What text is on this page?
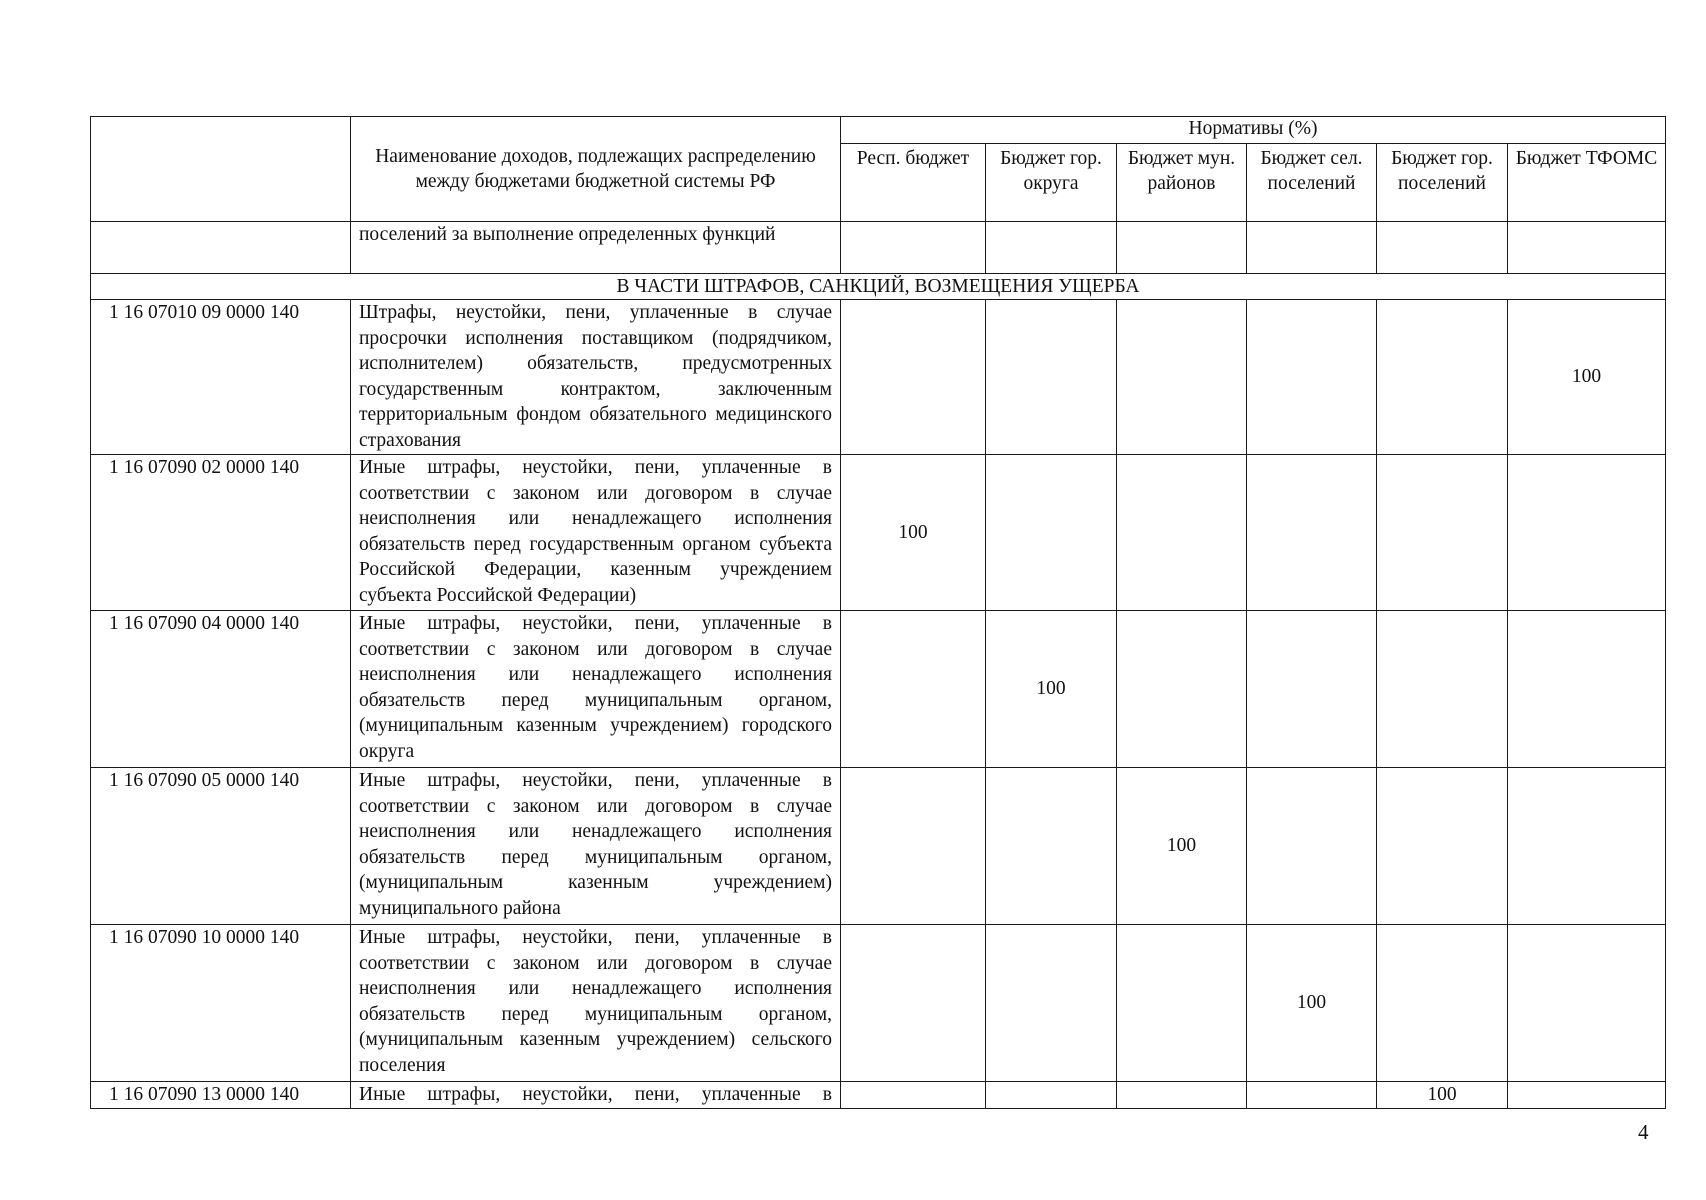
	Наименование доходов, подлежащих распределению между бюджетами бюджетной системы РФ	Нормативы (%)					
		Респ. бюджет	Бюджет гор. округа	Бюджет мун. районов	Бюджет сел. поселений	Бюджет гор. поселений	Бюджет ТФОМС
	поселений за выполнение определенных функций						
В ЧАСТИ ШТРАФОВ, САНКЦИЙ, ВОЗМЕЩЕНИЯ УЩЕРБА							
1 16 07010 09 0000 140	Штрафы, неустойки, пени, уплаченные в случае просрочки исполнения поставщиком (подрядчиком, исполнителем) обязательств, предусмотренных государственным контрактом, заключенным территориальным фондом обязательного медицинского страхования						100
1 16 07090 02 0000 140	Иные штрафы, неустойки, пени, уплаченные в соответствии с законом или договором в случае неисполнения или ненадлежащего исполнения обязательств перед государственным органом субъекта Российской Федерации, казенным учреждением субъекта Российской Федерации)	100					
1 16 07090 04 0000 140	Иные штрафы, неустойки, пени, уплаченные в соответствии с законом или договором в случае неисполнения или ненадлежащего исполнения обязательств перед муниципальным органом, (муниципальным казенным учреждением) городского округа		100				
1 16 07090 05 0000 140	Иные штрафы, неустойки, пени, уплаченные в соответствии с законом или договором в случае неисполнения или ненадлежащего исполнения обязательств перед муниципальным органом, (муниципальным казенным учреждением) муниципального района			100			
1 16 07090 10 0000 140	Иные штрафы, неустойки, пени, уплаченные в соответствии с законом или договором в случае неисполнения или ненадлежащего исполнения обязательств перед муниципальным органом, (муниципальным казенным учреждением) сельского поселения				100		
1 16 07090 13 0000 140	Иные штрафы, неустойки, пени, уплаченные в					100	
4
